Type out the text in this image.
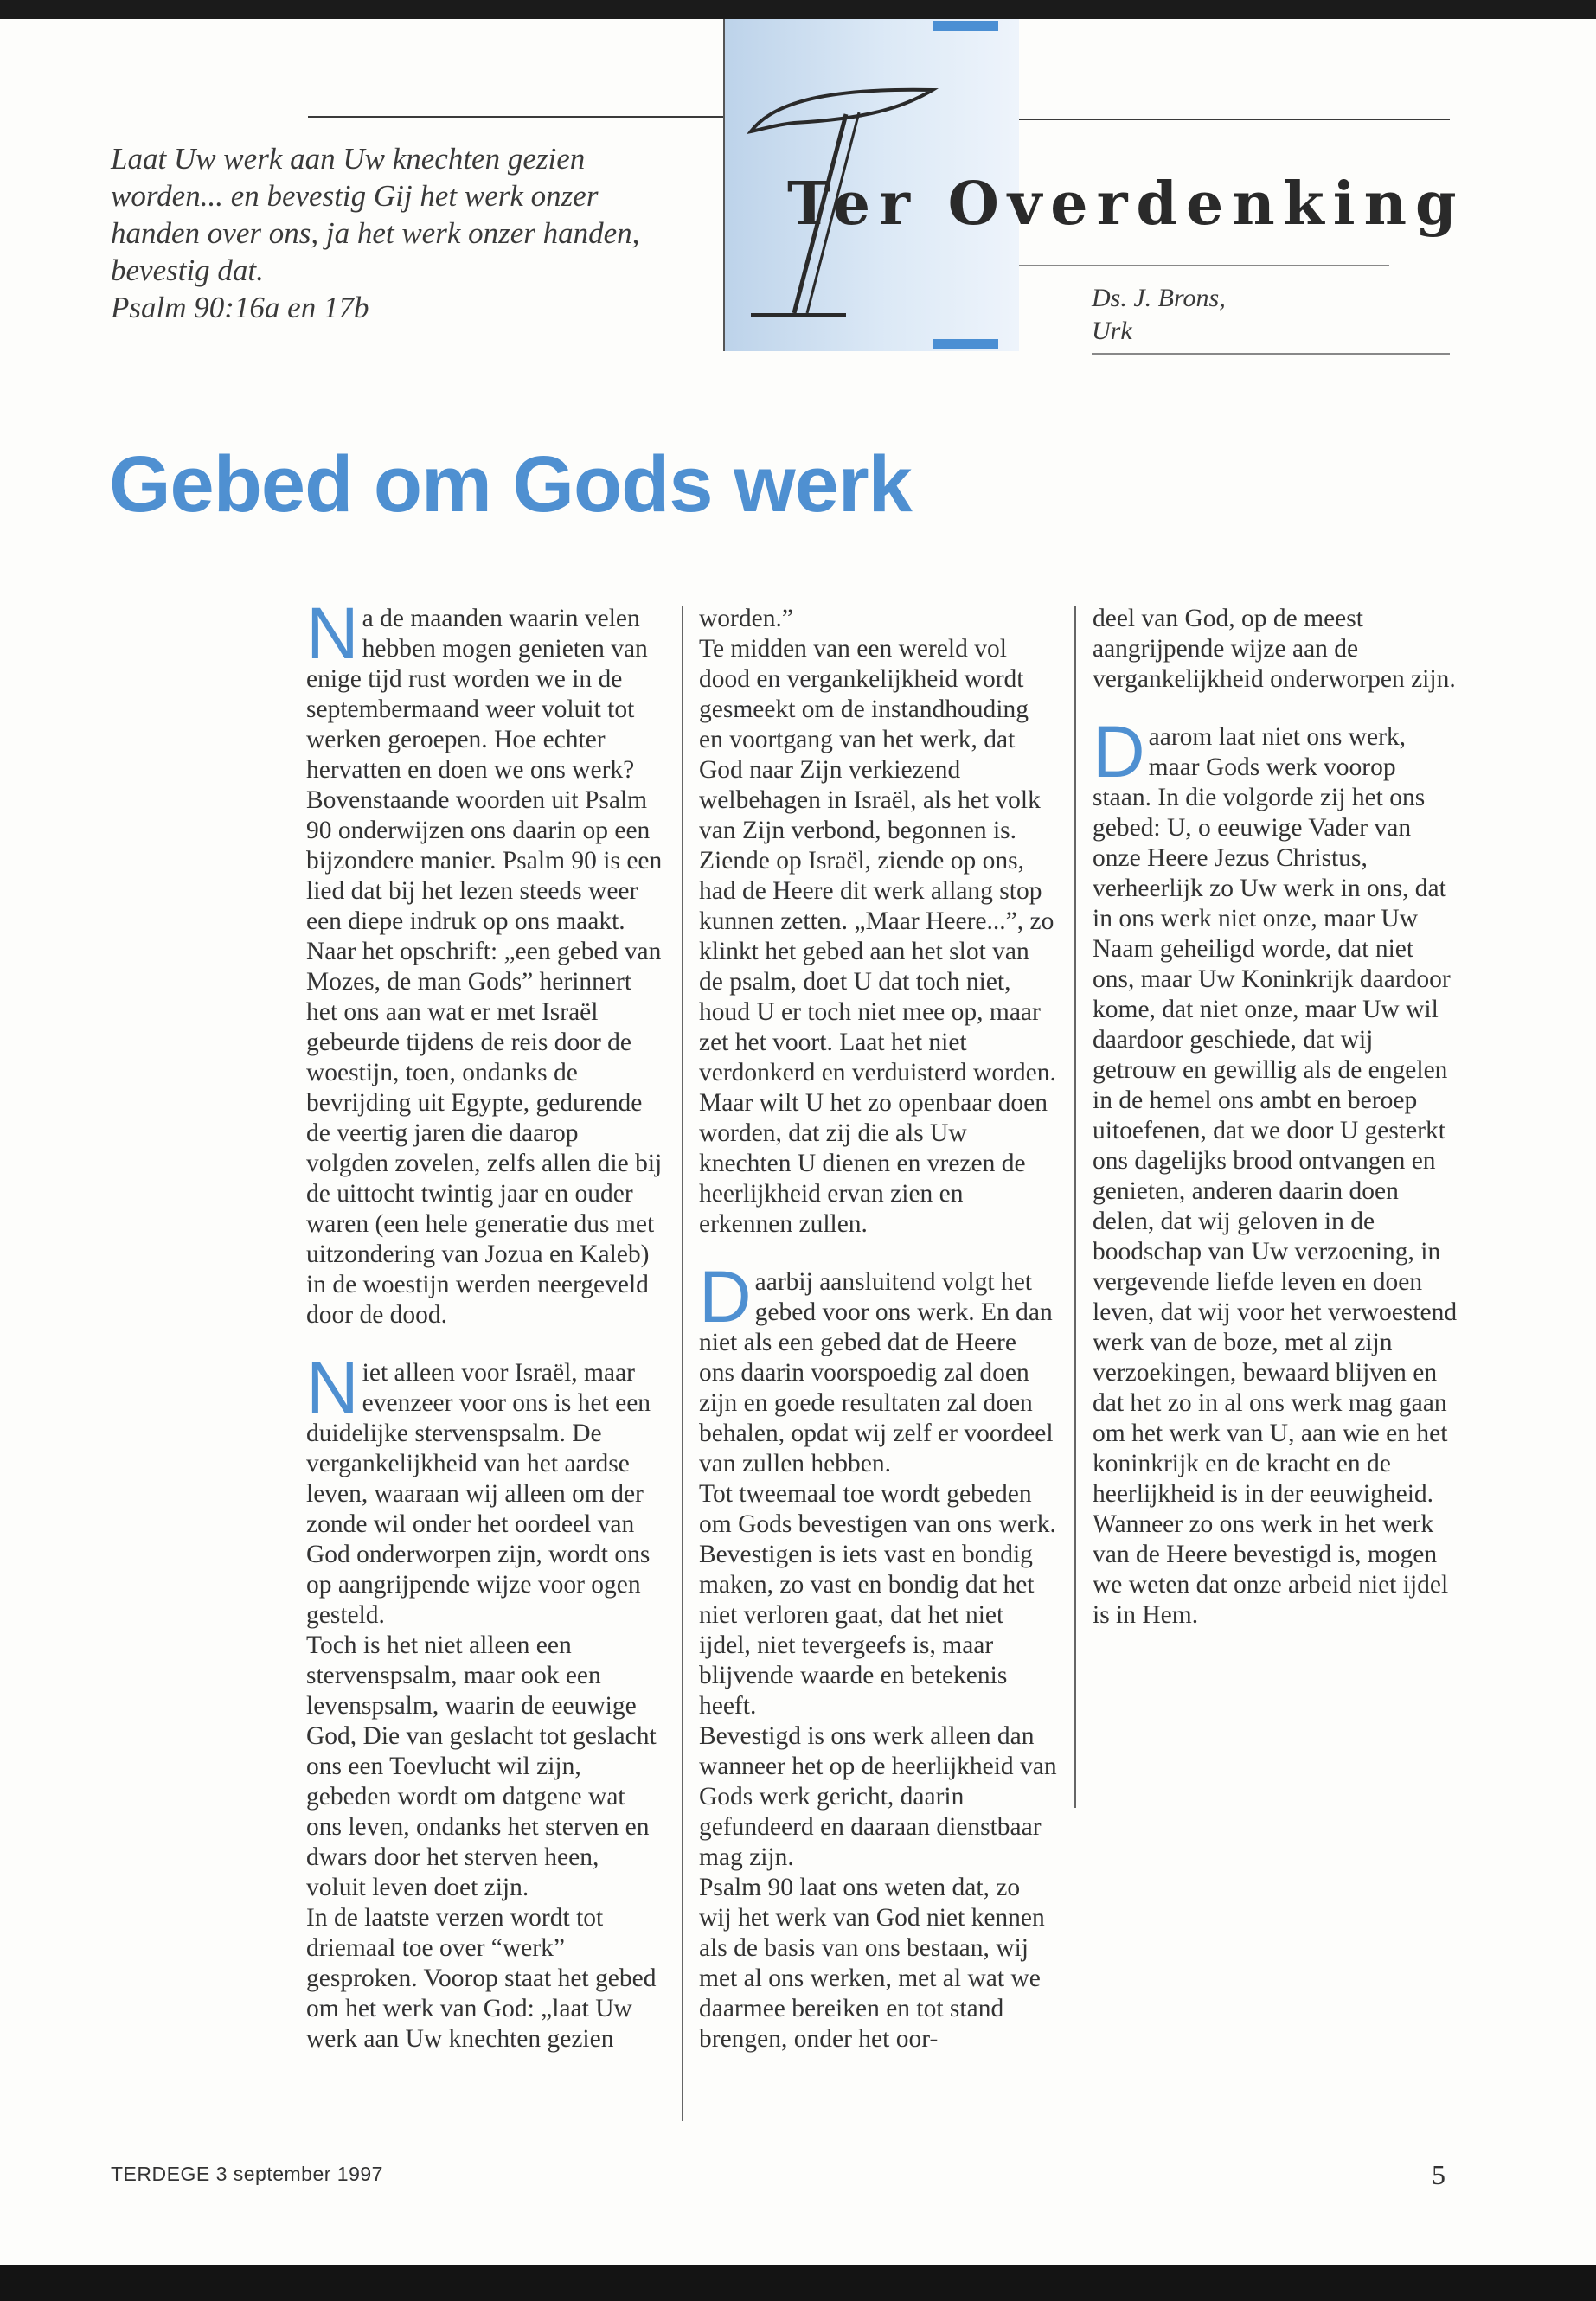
Laat Uw werk aan Uw knechten gezien

worden... en bevestig Gij het werk onzer

handen over ons, ja het werk onzer handen,

bevestig dat.

Psalm 90:16a en 17b

Ter Overdenking

Ds. J. Brons,

Urk

Gebed om Gods werk

Na de maanden waarin velen hebben mogen genieten van enige tijd rust worden we in de septembermaand weer voluit tot werken geroepen. Hoe echter hervatten en doen we ons werk? Bovenstaande woorden uit Psalm 90 onderwijzen ons daarin op een bijzondere manier. Psalm 90 is een lied dat bij het lezen steeds weer een diepe indruk op ons maakt. Naar het opschrift: „een gebed van Mozes, de man Gods” herinnert het ons aan wat er met Israël gebeurde tijdens de reis door de woestijn, toen, ondanks de bevrijding uit Egypte, gedurende de veertig jaren die daarop volgden zovelen, zelfs allen die bij de uittocht twintig jaar en ouder waren (een hele generatie dus met uitzondering van Jozua en Kaleb) in de woestijn werden neergeveld door de dood.

Niet alleen voor Israël, maar evenzeer voor ons is het een duidelijke stervenspsalm. De vergankelijkheid van het aardse leven, waaraan wij alleen om der zonde wil onder het oordeel van God onderworpen zijn, wordt ons op aangrijpende wijze voor ogen gesteld.

Toch is het niet alleen een stervenspsalm, maar ook een levenspsalm, waarin de eeuwige God, Die van geslacht tot geslacht ons een Toevlucht wil zijn, gebeden wordt om datgene wat ons leven, ondanks het sterven en dwars door het sterven heen, voluit leven doet zijn.

In de laatste verzen wordt tot driemaal toe over “werk” gesproken. Voorop staat het gebed om het werk van God: „laat Uw werk aan Uw knechten gezien

worden.”

Te midden van een wereld vol dood en vergankelijkheid wordt gesmeekt om de instandhouding en voortgang van het werk, dat God naar Zijn verkiezend welbehagen in Israël, als het volk van Zijn verbond, begonnen is.

Ziende op Israël, ziende op ons, had de Heere dit werk allang stop kunnen zetten. „Maar Heere...”, zo klinkt het gebed aan het slot van de psalm, doet U dat toch niet, houd U er toch niet mee op, maar zet het voort. Laat het niet verdonkerd en verduisterd worden. Maar wilt U het zo openbaar doen worden, dat zij die als Uw knechten U dienen en vrezen de heerlijkheid ervan zien en erkennen zullen.

Daarbij aansluitend volgt het gebed voor ons werk. En dan niet als een gebed dat de Heere ons daarin voorspoedig zal doen zijn en goede resultaten zal doen behalen, opdat wij zelf er voordeel van zullen hebben.

Tot tweemaal toe wordt gebeden om Gods bevestigen van ons werk. Bevestigen is iets vast en bondig maken, zo vast en bondig dat het niet verloren gaat, dat het niet ijdel, niet tevergeefs is, maar blijvende waarde en betekenis heeft.

Bevestigd is ons werk alleen dan wanneer het op de heerlijkheid van Gods werk gericht, daarin gefundeerd en daaraan dienstbaar mag zijn.

Psalm 90 laat ons weten dat, zo wij het werk van God niet kennen als de basis van ons bestaan, wij met al ons werken, met al wat we daarmee bereiken en tot stand brengen, onder het oor-

deel van God, op de meest aangrijpende wijze aan de vergankelijkheid onderworpen zijn.

Daarom laat niet ons werk, maar Gods werk voorop staan. In die volgorde zij het ons gebed: U, o eeuwige Vader van onze Heere Jezus Christus, verheerlijk zo Uw werk in ons, dat in ons werk niet onze, maar Uw Naam geheiligd worde, dat niet ons, maar Uw Koninkrijk daardoor kome, dat niet onze, maar Uw wil daardoor geschiede, dat wij getrouw en gewillig als de engelen in de hemel ons ambt en beroep uitoefenen, dat we door U gesterkt ons dagelijks brood ontvangen en genieten, anderen daarin doen delen, dat wij geloven in de boodschap van Uw verzoening, in vergevende liefde leven en doen leven, dat wij voor het verwoestend werk van de boze, met al zijn verzoekingen, bewaard blijven en dat het zo in al ons werk mag gaan om het werk van U, aan wie en het koninkrijk en de kracht en de heerlijkheid is in der eeuwigheid.

Wanneer zo ons werk in het werk van de Heere bevestigd is, mogen we weten dat onze arbeid niet ijdel is in Hem.

TERDEGE 3 september 1997	5
